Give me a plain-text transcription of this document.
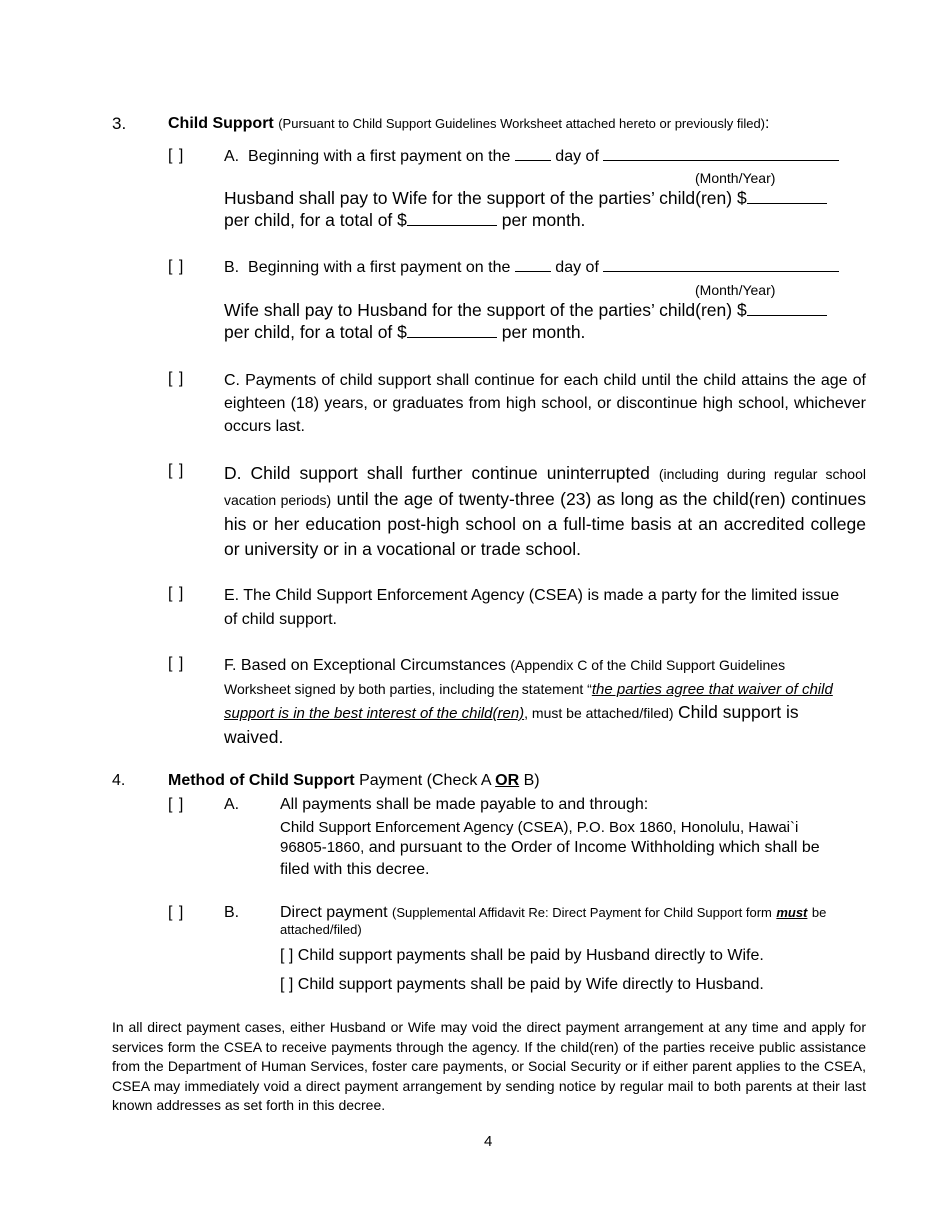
3.	Child Support (Pursuant to Child Support Guidelines Worksheet attached hereto or previously filed):
[ ] A. Beginning with a first payment on the	day of
(Month/Year)
Husband shall pay to Wife for the support of the parties’ child(ren) $
per child, for a total of $	per month.
[ ] B. Beginning with a first payment on the	day of
(Month/Year)
Wife shall pay to Husband for the support of the parties’ child(ren) $
per child, for a total of $	per month.
[ ] C. Payments of child support shall continue for each child until the child attains the age of eighteen (18) years, or graduates from high school, or discontinue high school, whichever occurs last.
[ ] D. Child support shall further continue uninterrupted (including during regular school vacation periods) until the age of twenty-three (23) as long as the child(ren) continues his or her education post-high school on a full-time basis at an accredited college or university or in a vocational or trade school.
[ ] E. The Child Support Enforcement Agency (CSEA) is made a party for the limited issue of child support.
[ ] F. Based on Exceptional Circumstances (Appendix C of the Child Support Guidelines Worksheet signed by both parties, including the statement “the parties agree that waiver of child support is in the best interest of the child(ren), must be attached/filed) Child support is waived.
4.	Method of Child Support Payment (Check A OR B)
[ ] A.	All payments shall be made payable to and through:
Child Support Enforcement Agency (CSEA), P.O. Box 1860, Honolulu, Hawai`i
96805-1860, and pursuant to the Order of Income Withholding which shall be
filed with this decree.
[ ] B.	Direct payment (Supplemental Affidavit Re: Direct Payment for Child Support form must be
attached/filed)
[ ] Child support payments shall be paid by Husband directly to Wife.
[ ] Child support payments shall be paid by Wife directly to Husband.
In all direct payment cases, either Husband or Wife may void the direct payment arrangement at any time and apply for services form the CSEA to receive payments through the agency. If the child(ren) of the parties receive public assistance from the Department of Human Services, foster care payments, or Social Security or if either parent applies to the CSEA, CSEA may immediately void a direct payment arrangement by sending notice by regular mail to both parents at their last known addresses as set forth in this decree.
4
